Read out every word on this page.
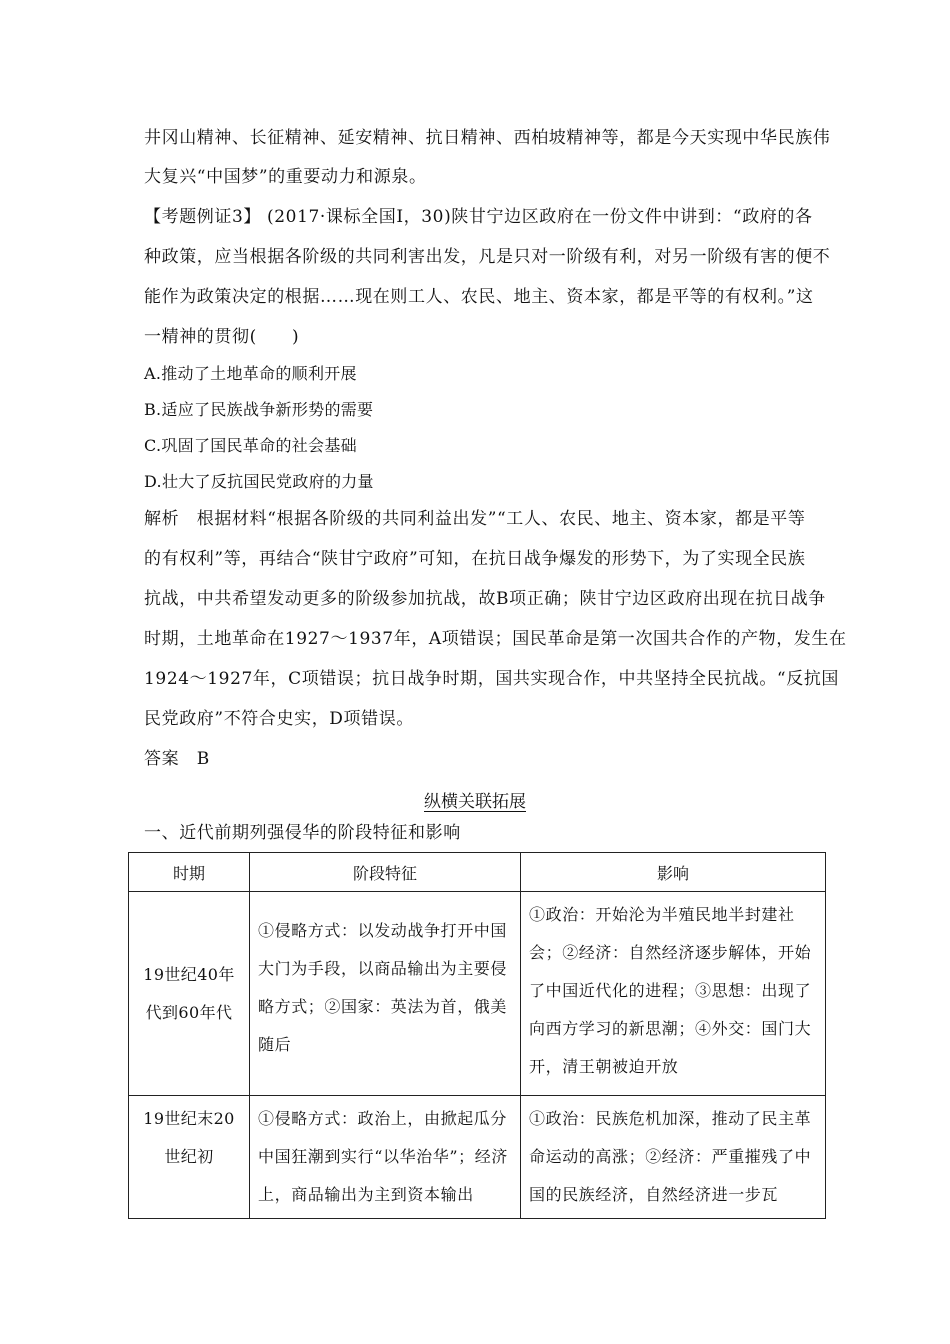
井冈山精神、长征精神、延安精神、抗日精神、西柏坡精神等，都是今天实现中华民族伟
大复兴“中国梦”的重要动力和源泉。
【考题例证3】 (2017·课标全国Ⅰ，30)陕甘宁边区政府在一份文件中讲到：“政府的各
种政策，应当根据各阶级的共同利害出发，凡是只对一阶级有利，对另一阶级有害的便不
能作为政策决定的根据……现在则工人、农民、地主、资本家，都是平等的有权利。”这
一精神的贯彻(　　)
A.推动了土地革命的顺利开展
B.适应了民族战争新形势的需要
C.巩固了国民革命的社会基础
D.壮大了反抗国民党政府的力量
解析　根据材料“根据各阶级的共同利益出发”“工人、农民、地主、资本家，都是平等
的有权利”等，再结合“陕甘宁政府”可知，在抗日战争爆发的形势下，为了实现全民族
抗战，中共希望发动更多的阶级参加抗战，故B项正确；陕甘宁边区政府出现在抗日战争
时期，土地革命在1927～1937年，A项错误；国民革命是第一次国共合作的产物，发生在
1924～1927年，C项错误；抗日战争时期，国共实现合作，中共坚持全民抗战。“反抗国
民党政府”不符合史实，D项错误。
答案　B
纵横关联拓展
一、近代前期列强侵华的阶段特征和影响
时期	阶段特征	影响

19世纪40年代到60年代	①侵略方式：以发动战争打开中国大门为手段，以商品输出为主要侵略方式；②国家：英法为首，俄美随后	①政治：开始沦为半殖民地半封建社会；②经济：自然经济逐步解体，开始了中国近代化的进程；③思想：出现了向西方学习的新思潮；④外交：国门大开，清王朝被迫开放

19世纪末20世纪初	①侵略方式：政治上，由掀起瓜分中国狂潮到实行“以华治华”；经济上，商品输出为主到资本输出	①政治：民族危机加深，推动了民主革命运动的高涨；②经济：严重摧残了中国的民族经济，自然经济进一步瓦
